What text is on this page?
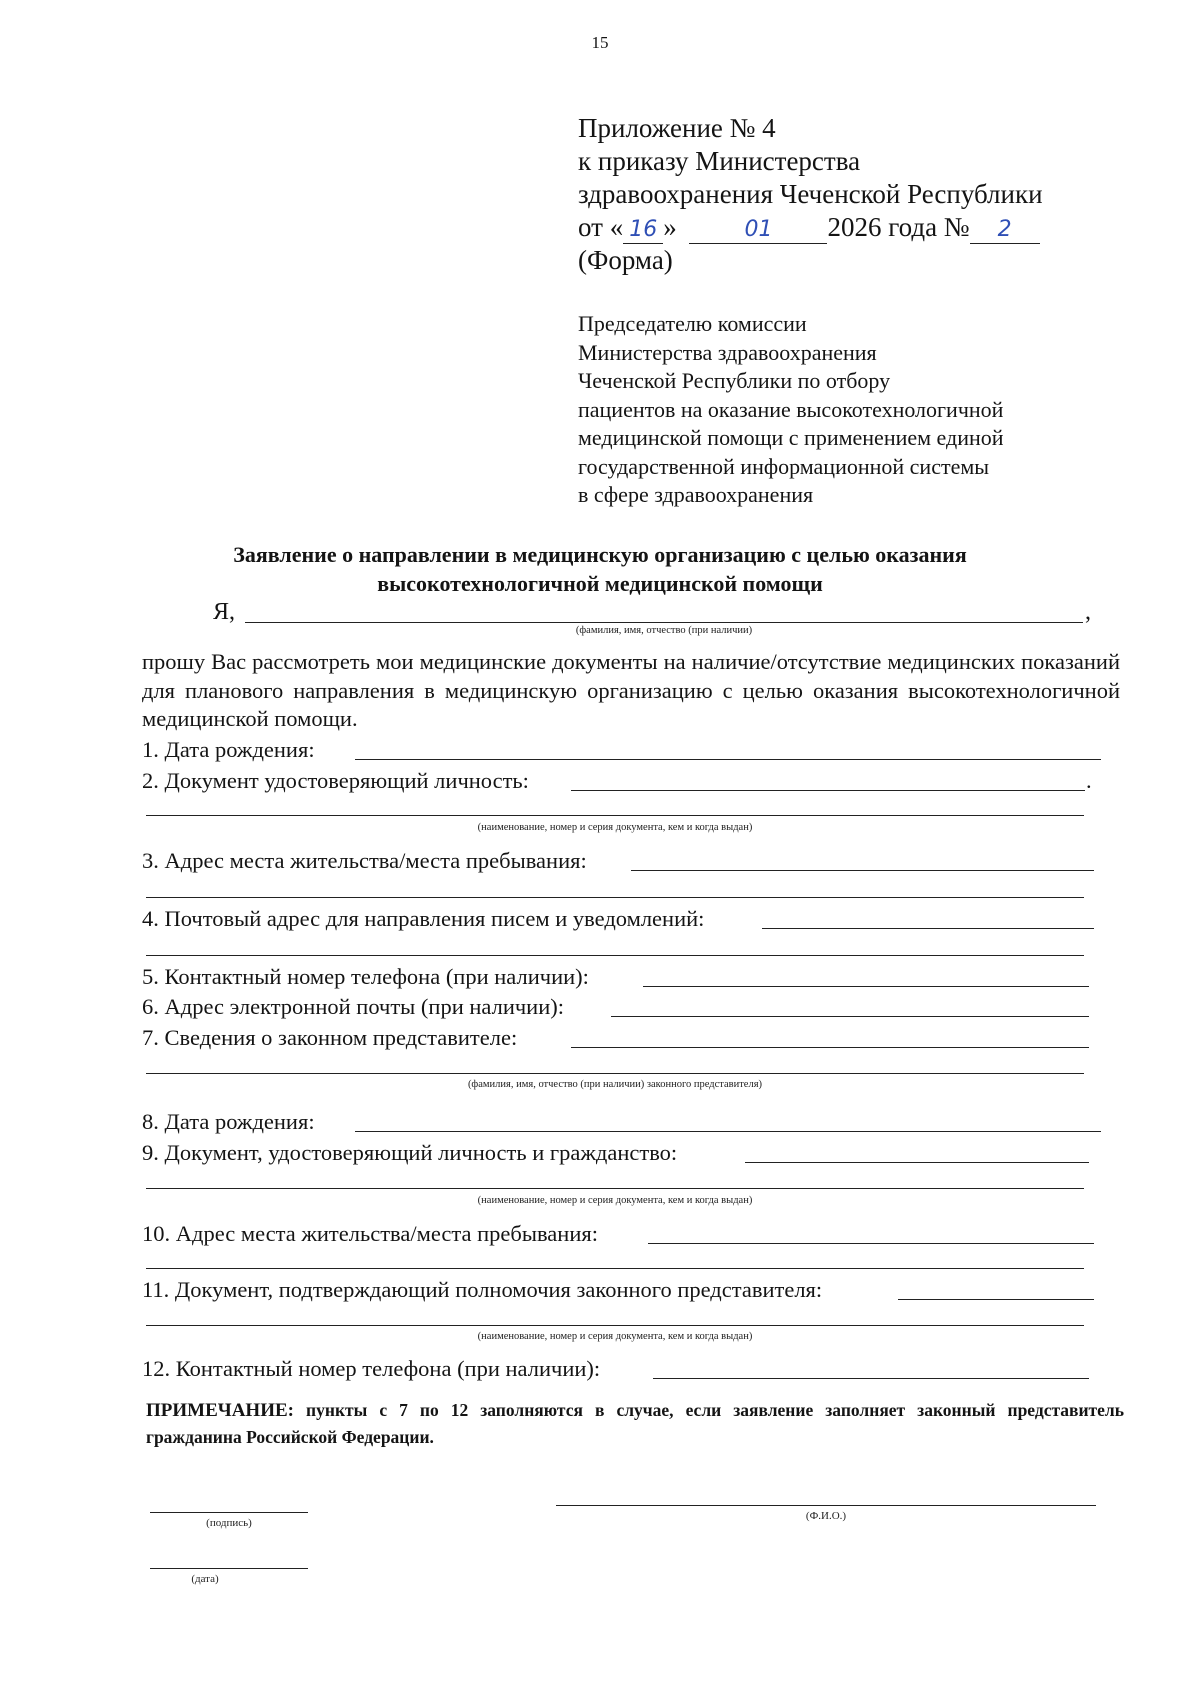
15
Приложение № 4
к приказу Министерства
здравоохранения Чеченской Республики
от « 16 »	01 2026 года № 2
(Форма)
Председателю комиссии
Министерства здравоохранения
Чеченской Республики по отбору
пациентов на оказание высокотехнологичной
медицинской помощи с применением единой
государственной информационной системы
в сфере здравоохранения
Заявление о направлении в медицинскую организацию с целью оказания
высокотехнологичной медицинской помощи
Я,	,
(фамилия, имя, отчество (при наличии)
прошу Вас рассмотреть мои медицинские документы на наличие/отсутствие медицинских показаний для планового направления в медицинскую организацию с целью оказания высокотехнологичной медицинской помощи.
1. Дата рождения:
2. Документ удостоверяющий личность:	.
(наименование, номер и серия документа, кем и когда выдан)
3. Адрес места жительства/места пребывания:
4. Почтовый адрес для направления писем и уведомлений:
5. Контактный номер телефона (при наличии):
6. Адрес электронной почты (при наличии):
7. Сведения о законном представителе:
(фамилия, имя, отчество (при наличии) законного представителя)
8. Дата рождения:
9. Документ, удостоверяющий личность и гражданство:
(наименование, номер и серия документа, кем и когда выдан)
10. Адрес места жительства/места пребывания:
11. Документ, подтверждающий полномочия законного представителя:
(наименование, номер и серия документа, кем и когда выдан)
12. Контактный номер телефона (при наличии):
ПРИМЕЧАНИЕ: пункты с 7 по 12 заполняются в случае, если заявление заполняет законный представитель гражданина Российской Федерации.
(подпись)
(Ф.И.О.)
(дата)
